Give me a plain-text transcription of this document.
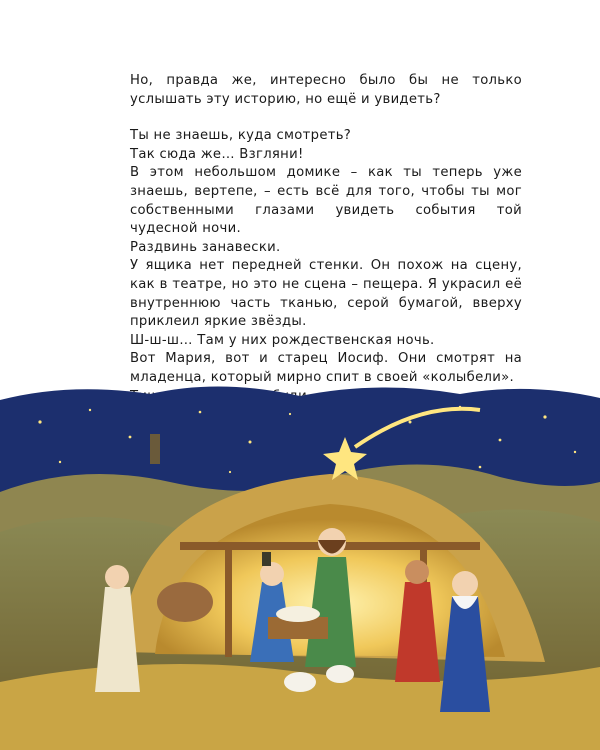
Но, правда же, интересно было бы не только услышать эту историю, но ещё и увидеть?

Ты не знаешь, куда смотреть?

Так сюда же… Взгляни!

В этом небольшом домике – как ты теперь уже знаешь, вертепе, – есть всё для того, чтобы ты мог собственными глазами увидеть события той чудесной ночи.

Раздвинь занавески.

У ящика нет передней стенки. Он похож на сцену, как в театре, но это не сцена – пещера. Я украсил её внутреннюю часть тканью, серой бумагой, вверху приклеил яркие звёзды.

Ш-ш-ш… Там у них рождественская ночь.

Вот Мария, вот и старец Иосиф. Они смотрят на младенца, который мирно спит в своей «колыбели».
